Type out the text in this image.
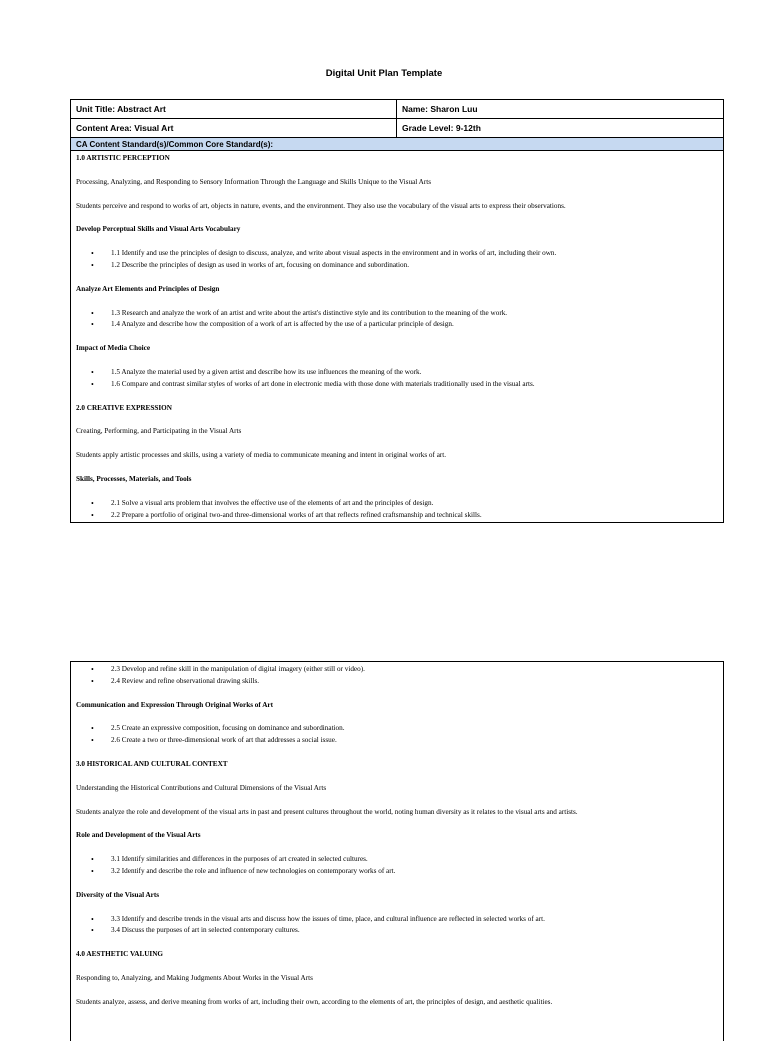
Digital Unit Plan Template
Unit Title: Abstract Art	Name: Sharon Luu
Content Area: Visual Art	Grade Level: 9-12th
CA Content Standard(s)/Common Core Standard(s):

1.0 ARTISTIC PERCEPTION

Processing, Analyzing, and Responding to Sensory Information Through the Language and Skills Unique to the Visual Arts

Students perceive and respond to works of art, objects in nature, events, and the environment. They also use the vocabulary of the visual arts to express their observations.

Develop Perceptual Skills and Visual Arts Vocabulary

• 1.1 Identify and use the principles of design to discuss, analyze, and write about visual aspects in the environment and in works of art, including their own.
• 1.2 Describe the principles of design as used in works of art, focusing on dominance and subordination.

Analyze Art Elements and Principles of Design

• 1.3 Research and analyze the work of an artist and write about the artist's distinctive style and its contribution to the meaning of the work.
• 1.4 Analyze and describe how the composition of a work of art is affected by the use of a particular principle of design.

Impact of Media Choice

• 1.5 Analyze the material used by a given artist and describe how its use influences the meaning of the work.
• 1.6 Compare and contrast similar styles of works of art done in electronic media with those done with materials traditionally used in the visual arts.

2.0 CREATIVE EXPRESSION

Creating, Performing, and Participating in the Visual Arts

Students apply artistic processes and skills, using a variety of media to communicate meaning and intent in original works of art.

Skills, Processes, Materials, and Tools

• 2.1 Solve a visual arts problem that involves the effective use of the elements of art and the principles of design.
• 2.2 Prepare a portfolio of original two-and three-dimensional works of art that reflects refined craftsmanship and technical skills.
• 2.3 Develop and refine skill in the manipulation of digital imagery (either still or video).
• 2.4 Review and refine observational drawing skills.

Communication and Expression Through Original Works of Art

• 2.5 Create an expressive composition, focusing on dominance and subordination.
• 2.6 Create a two or three-dimensional work of art that addresses a social issue.

3.0 HISTORICAL AND CULTURAL CONTEXT

Understanding the Historical Contributions and Cultural Dimensions of the Visual Arts

Students analyze the role and development of the visual arts in past and present cultures throughout the world, noting human diversity as it relates to the visual arts and artists.

Role and Development of the Visual Arts

• 3.1 Identify similarities and differences in the purposes of art created in selected cultures.
• 3.2 Identify and describe the role and influence of new technologies on contemporary works of art.

Diversity of the Visual Arts

• 3.3 Identify and describe trends in the visual arts and discuss how the issues of time, place, and cultural influence are reflected in selected works of art.
• 3.4 Discuss the purposes of art in selected contemporary cultures.

4.0 AESTHETIC VALUING

Responding to, Analyzing, and Making Judgments About Works in the Visual Arts

Students analyze, assess, and derive meaning from works of art, including their own, according to the elements of art, the principles of design, and aesthetic qualities.
